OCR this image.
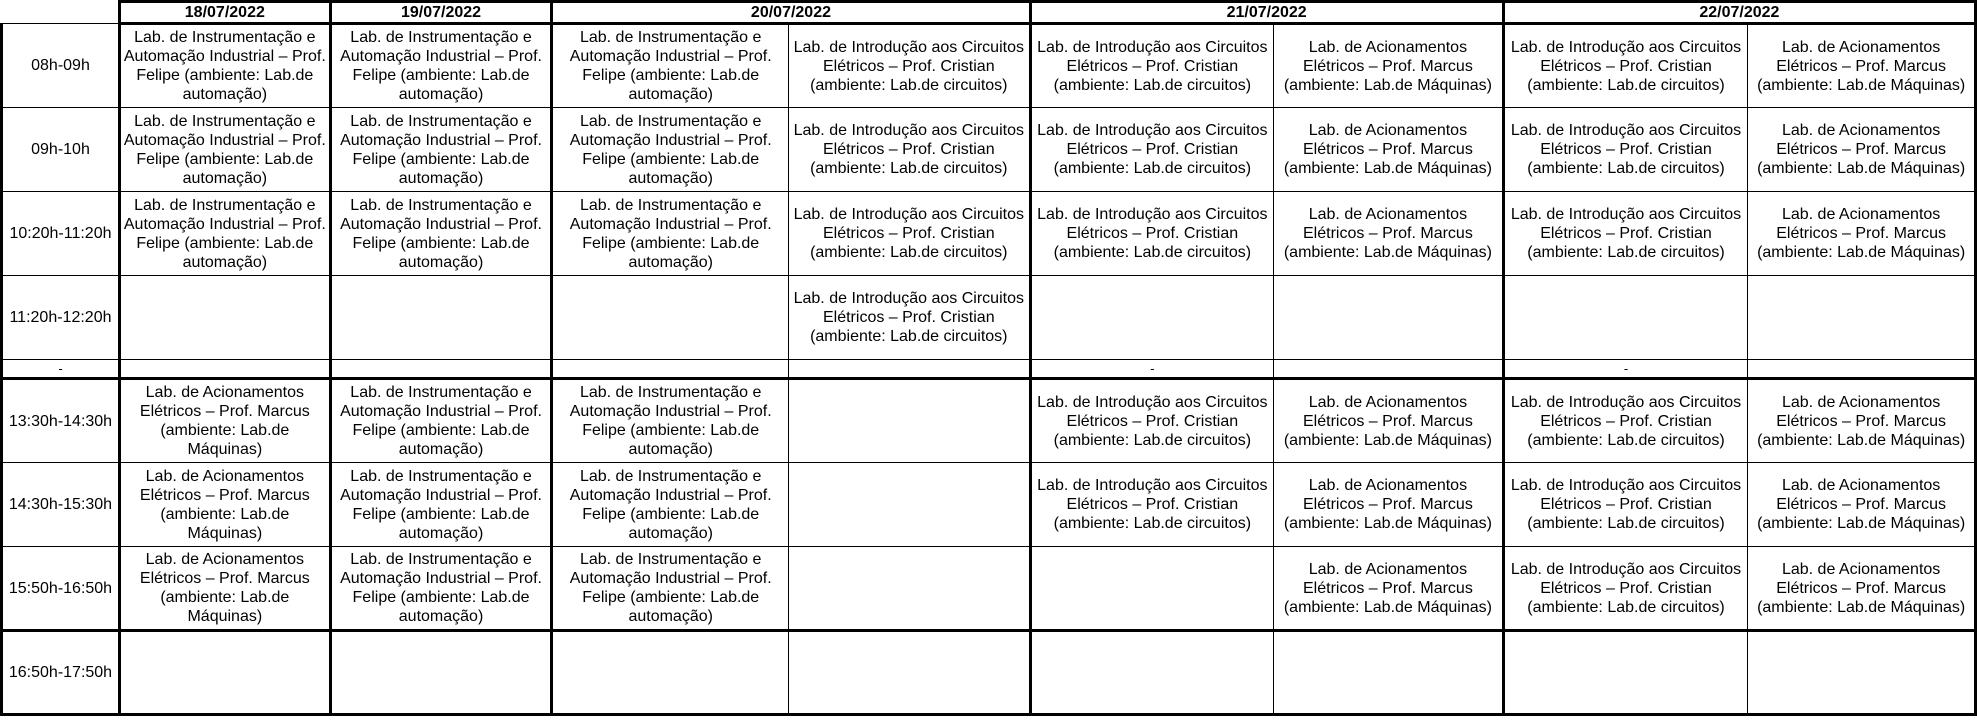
	18/07/2022	19/07/2022	20/07/2022		21/07/2022		22/07/2022	
08h-09h	Lab. de Instrumentação e Automação Industrial – Prof. Felipe (ambiente: Lab.de automação)	Lab. de Instrumentação e Automação Industrial – Prof. Felipe (ambiente: Lab.de automação)	Lab. de Instrumentação e Automação Industrial – Prof. Felipe (ambiente: Lab.de automação)	Lab. de Introdução aos Circuitos Elétricos – Prof. Cristian (ambiente: Lab.de circuitos)	Lab. de Introdução aos Circuitos Elétricos – Prof. Cristian (ambiente: Lab.de circuitos)	Lab. de Acionamentos Elétricos – Prof. Marcus (ambiente: Lab.de Máquinas)	Lab. de Introdução aos Circuitos Elétricos – Prof. Cristian (ambiente: Lab.de circuitos)	Lab. de Acionamentos Elétricos – Prof. Marcus (ambiente: Lab.de Máquinas)
09h-10h	Lab. de Instrumentação e Automação Industrial – Prof. Felipe (ambiente: Lab.de automação)	Lab. de Instrumentação e Automação Industrial – Prof. Felipe (ambiente: Lab.de automação)	Lab. de Instrumentação e Automação Industrial – Prof. Felipe (ambiente: Lab.de automação)	Lab. de Introdução aos Circuitos Elétricos – Prof. Cristian (ambiente: Lab.de circuitos)	Lab. de Introdução aos Circuitos Elétricos – Prof. Cristian (ambiente: Lab.de circuitos)	Lab. de Acionamentos Elétricos – Prof. Marcus (ambiente: Lab.de Máquinas)	Lab. de Introdução aos Circuitos Elétricos – Prof. Cristian (ambiente: Lab.de circuitos)	Lab. de Acionamentos Elétricos – Prof. Marcus (ambiente: Lab.de Máquinas)
10:20h-11:20h	Lab. de Instrumentação e Automação Industrial – Prof. Felipe (ambiente: Lab.de automação)	Lab. de Instrumentação e Automação Industrial – Prof. Felipe (ambiente: Lab.de automação)	Lab. de Instrumentação e Automação Industrial – Prof. Felipe (ambiente: Lab.de automação)	Lab. de Introdução aos Circuitos Elétricos – Prof. Cristian (ambiente: Lab.de circuitos)	Lab. de Introdução aos Circuitos Elétricos – Prof. Cristian (ambiente: Lab.de circuitos)	Lab. de Acionamentos Elétricos – Prof. Marcus (ambiente: Lab.de Máquinas)	Lab. de Introdução aos Circuitos Elétricos – Prof. Cristian (ambiente: Lab.de circuitos)	Lab. de Acionamentos Elétricos – Prof. Marcus (ambiente: Lab.de Máquinas)
11:20h-12:20h				Lab. de Introdução aos Circuitos Elétricos – Prof. Cristian (ambiente: Lab.de circuitos)				
-					-		-	
13:30h-14:30h	Lab. de Acionamentos Elétricos – Prof. Marcus (ambiente: Lab.de Máquinas)	Lab. de Instrumentação e Automação Industrial – Prof. Felipe (ambiente: Lab.de automação)	Lab. de Instrumentação e Automação Industrial – Prof. Felipe (ambiente: Lab.de automação)		Lab. de Introdução aos Circuitos Elétricos – Prof. Cristian (ambiente: Lab.de circuitos)	Lab. de Acionamentos Elétricos – Prof. Marcus (ambiente: Lab.de Máquinas)	Lab. de Introdução aos Circuitos Elétricos – Prof. Cristian (ambiente: Lab.de circuitos)	Lab. de Acionamentos Elétricos – Prof. Marcus (ambiente: Lab.de Máquinas)
14:30h-15:30h	Lab. de Acionamentos Elétricos – Prof. Marcus (ambiente: Lab.de Máquinas)	Lab. de Instrumentação e Automação Industrial – Prof. Felipe (ambiente: Lab.de automação)	Lab. de Instrumentação e Automação Industrial – Prof. Felipe (ambiente: Lab.de automação)		Lab. de Introdução aos Circuitos Elétricos – Prof. Cristian (ambiente: Lab.de circuitos)	Lab. de Acionamentos Elétricos – Prof. Marcus (ambiente: Lab.de Máquinas)	Lab. de Introdução aos Circuitos Elétricos – Prof. Cristian (ambiente: Lab.de circuitos)	Lab. de Acionamentos Elétricos – Prof. Marcus (ambiente: Lab.de Máquinas)
15:50h-16:50h	Lab. de Acionamentos Elétricos – Prof. Marcus (ambiente: Lab.de Máquinas)	Lab. de Instrumentação e Automação Industrial – Prof. Felipe (ambiente: Lab.de automação)	Lab. de Instrumentação e Automação Industrial – Prof. Felipe (ambiente: Lab.de automação)			Lab. de Acionamentos Elétricos – Prof. Marcus (ambiente: Lab.de Máquinas)	Lab. de Introdução aos Circuitos Elétricos – Prof. Cristian (ambiente: Lab.de circuitos)	Lab. de Acionamentos Elétricos – Prof. Marcus (ambiente: Lab.de Máquinas)
16:50h-17:50h								
